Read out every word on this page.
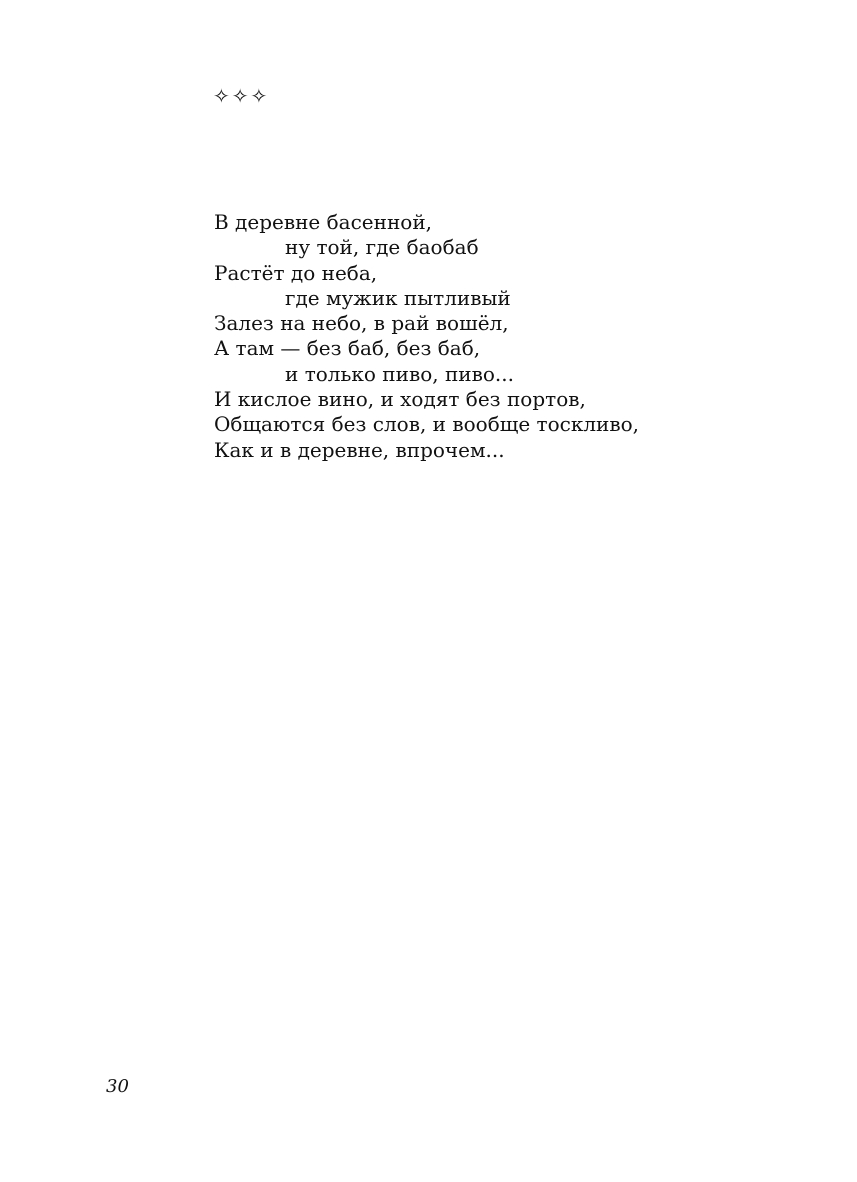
✧✧✧
В деревне басенной,
ну той, где баобаб
Растёт до неба,
где мужик пытливый
Залез на небо, в рай вошёл,
А там — без баб, без баб,
и только пиво, пиво...
И кислое вино, и ходят без портов,
Общаются без слов, и вообще тоскливо,
Как и в деревне, впрочем...
30
